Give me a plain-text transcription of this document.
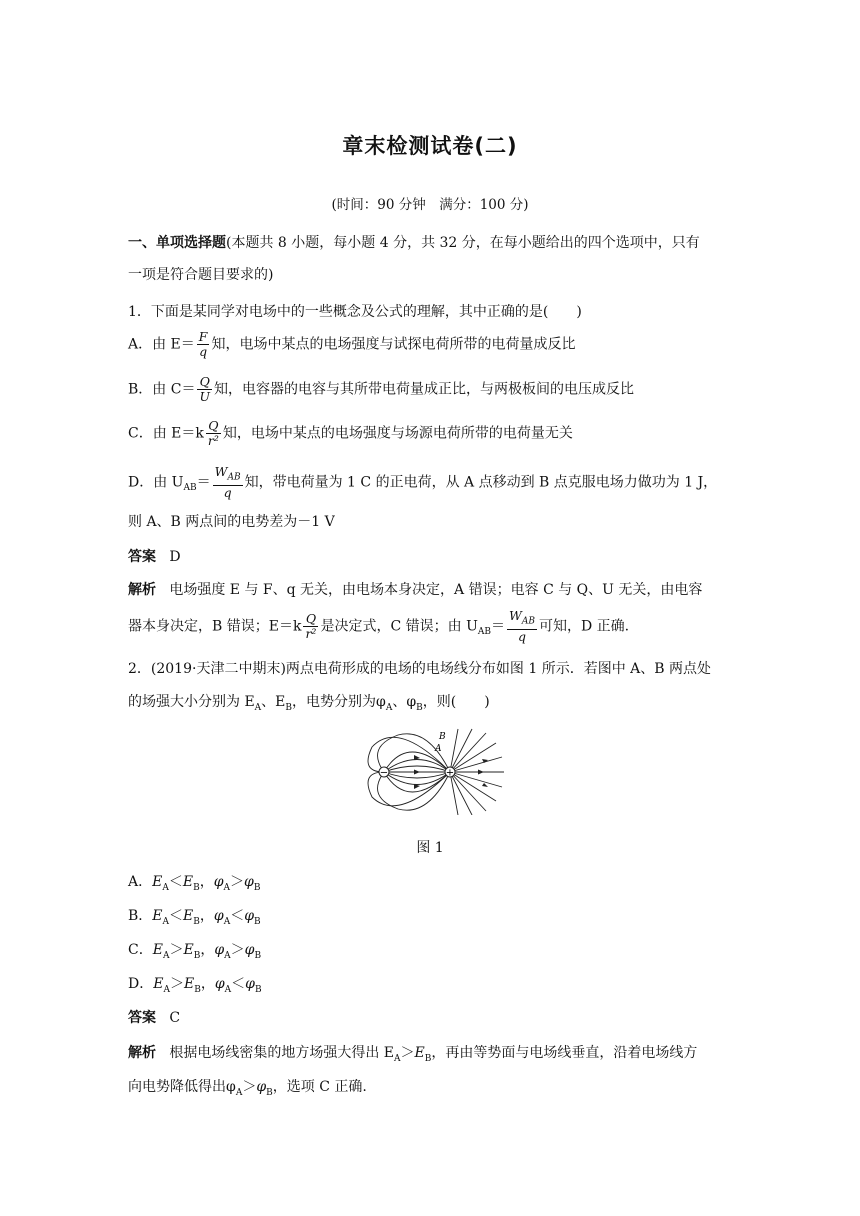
章末检测试卷(二)
(时间：90 分钟　满分：100 分)
一、单项选择题(本题共 8 小题，每小题 4 分，共 32 分，在每小题给出的四个选项中，只有
一项是符合题目要求的)
1．下面是某同学对电场中的一些概念及公式的理解，其中正确的是(　　)
A．由 $E= \frac{F}{q}$ 知，电场中某点的电场强度与试探电荷所带的电荷量成反比
B．由 $C= \frac{Q}{U}$ 知，电容器的电容与其所带电荷量成正比，与两极板间的电压成反比
C．由 $E=k \frac{Q}{\text{r²}}$ 知，电场中某点的电场强度与场源电荷所带的电荷量无关
D．由 $U_{AB}= \frac{W_{AB}}{q}$ 知，带电荷量为 1 C 的正电荷，从 A 点移动到 B 点克服电场力做功为 1 J，
则 A、B 两点间的电势差为－1 V
答案 D
解析 电场强度 E 与 F、q 无关，由电场本身决定，A 错误；电容 C 与 Q、U 无关，由电容
器本身决定，B 错误；$E=k \frac{Q}{\text{r²}}$ 是决定式，C 错误；由 $U_{AB}= \frac{W_{AB}}{q}$ 可知，D 正确.
2．(2019·天津二中期末)两点电荷形成的电场的电场线分布如图 1 所示．若图中 A、B 两点处
的场强大小分别为 $E_A$、$E_B$，电势分别为$\varphi_A$、$\varphi_B$，则(　　)
−	+
B
A
图 1
A．$E_A<E_B$，$\varphi_A>\varphi_B$
B．$E_A<E_B$，$\varphi_A<\varphi_B$
C．$E_A>E_B$，$\varphi_A>\varphi_B$
D．$E_A>E_B$，$\varphi_A<\varphi_B$
答案 C
解析 根据电场线密集的地方场强大得出 $E_A>E_B$，再由等势面与电场线垂直，沿着电场线方
向电势降低得出$\varphi_A>\varphi_B$，选项 C 正确.
